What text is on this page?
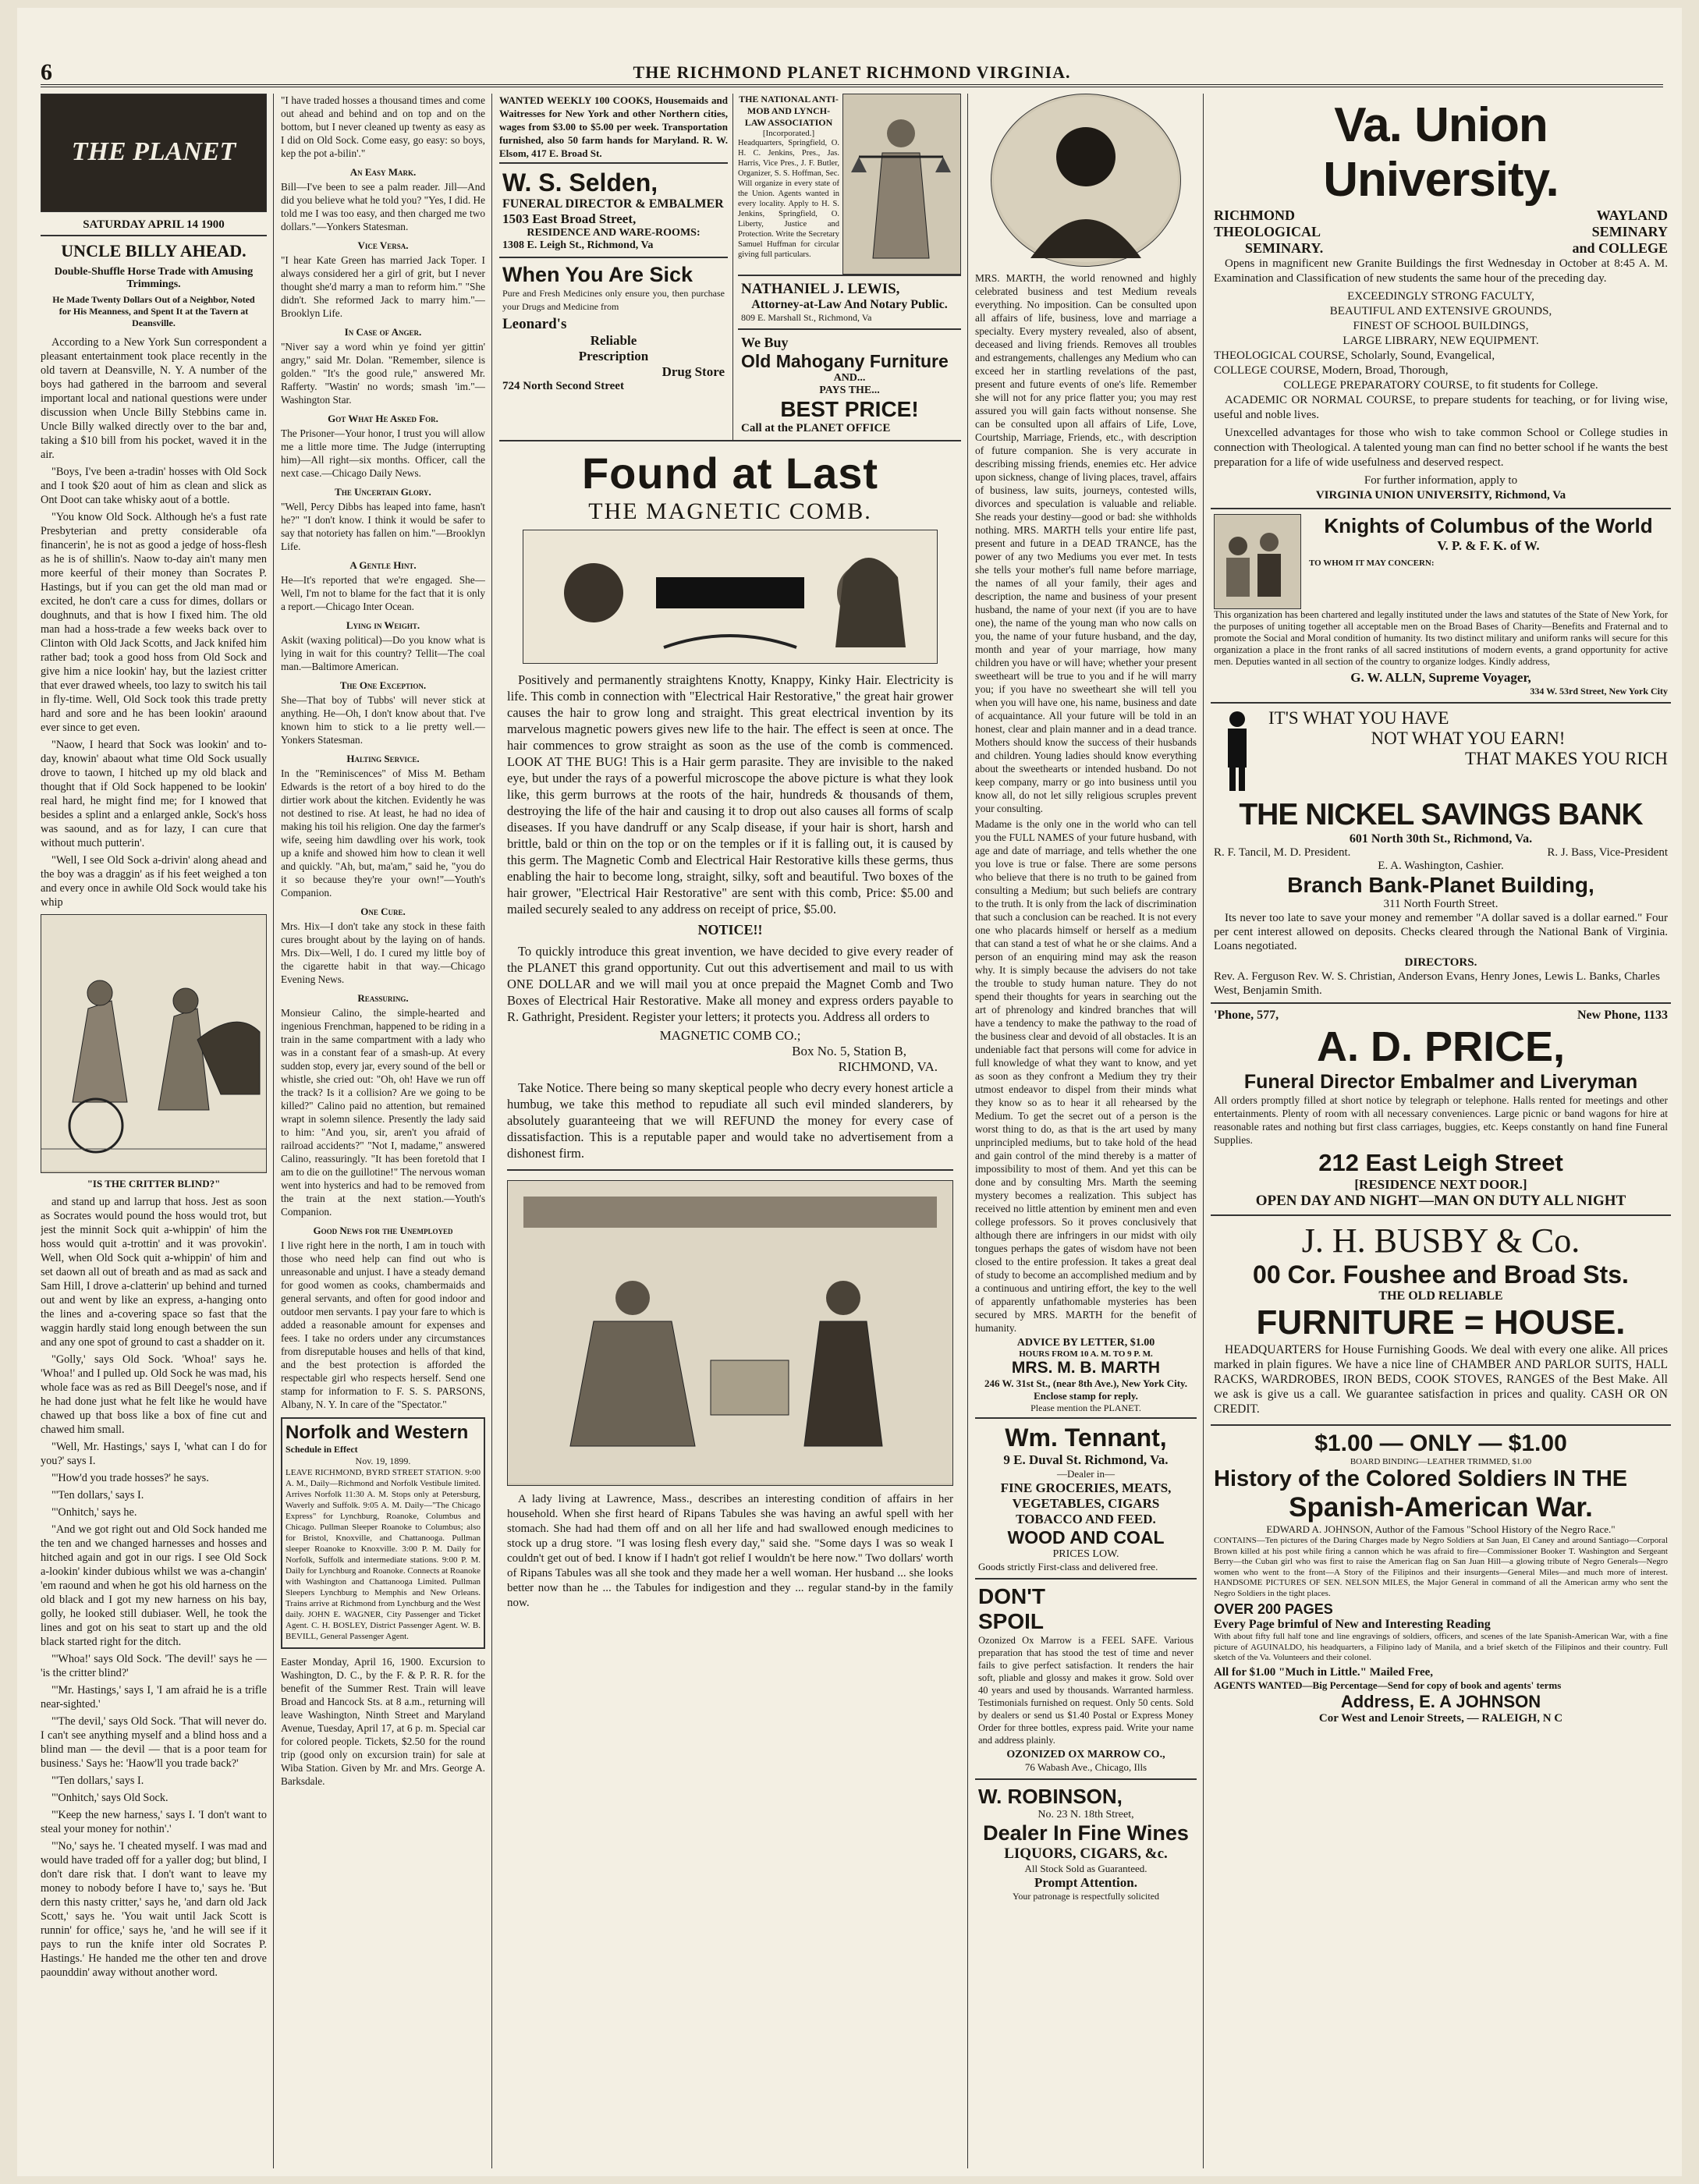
6	THE RICHMOND PLANET RICHMOND VIRGINIA.
THE PLANET
SATURDAY APRIL 14 1900
UNCLE BILLY AHEAD.
Double-Shuffle Horse Trade with Amusing Trimmings.
He Made Twenty Dollars Out of a Neighbor, Noted for His Meanness, and Spent It at the Tavern at Deansville.

According to a New York Sun correspondent a pleasant entertainment took place recently in the old tavern at Deansville, N. Y. A number of the boys had gathered in the barroom and several important local and national questions were under discussion when Uncle Billy Stebbins came in. Uncle Billy walked directly over to the bar and, taking a $10 bill from his pocket, waved it in the air.

"Boys, I've been a-tradin' hosses with Old Sock and I took $20 aout of him as clean and slick as Ont Doot can take whisky aout of a bottle.

"You know Old Sock. Although he's a fust rate Presbyterian and pretty considerable ofa financerin', he is not as good a jedge of hoss-flesh as he is of shillin's. Naow to-day ain't many men more keerful of their money than Socrates P. Hastings, but if you can get the old man mad or excited, he don't care a cuss for dimes, dollars or doughnuts, and that is how I fixed him. The old man had a hoss-trade a few weeks back over to Clinton with Old Jack Scotts, and Jack knifed him rather bad; took a good hoss from Old Sock and give him a nice lookin' hay, but the laziest critter that ever drawed wheels, too lazy to switch his tail in fly-time. Well, Old Sock took this trade pretty hard and sore and he has been lookin' araound ever since to get even.

"Naow, I heard that Sock was lookin' and to-day, knowin' abaout what time Old Sock usually drove to taown, I hitched up my old black and thought that if Old Sock happened to be lookin' real hard, he might find me; for I knowed that besides a splint and a enlarged ankle, Sock's hoss was saound, and as for lazy, I can cure that without much putterin'.

"Well, I see Old Sock a-drivin' along ahead and the boy was a draggin' as if his feet weighed a ton and every once in awhile Old Sock would take his whip

"IS THE CRITTER BLIND?"

and stand up and larrup that hoss. Jest as soon as Socrates would pound the hoss would trot, but jest the minnit Sock quit a-whippin' of him the hoss would quit a-trottin' and it was provokin'. Well, when Old Sock quit a-whippin' of him and set daown all out of breath and as mad as sack and Sam Hill, I drove a-clatterin' up behind and turned out and went by like an express, a-hanging onto the lines and a-covering space so fast that the waggin hardly staid long enough between the sun and any one spot of ground to cast a shadder on it.

"Golly,' says Old Sock. 'Whoa!' says he. 'Whoa!' and I pulled up. Old Sock he was mad, his whole face was as red as Bill Deegel's nose, and if he had done just what he felt like he would have chawed up that boss like a box of fine cut and chawed him small.

"Well, Mr. Hastings,' says I, 'what can I do for you?' says I.

"'How'd you trade hosses?' he says.

"'Ten dollars,' says I.

"'Onhitch,' says he.

"And we got right out and Old Sock handed me the ten and we changed harnesses and hosses and hitched again and got in our rigs. I see Old Sock a-lookin' kinder dubious whilst we was a-changin' 'em raound and when he got his old harness on the old black and I got my new harness on his bay, golly, he looked still dubiaser. Well, he took the lines and got on his seat to start up and the old black started right for the ditch.

"'Whoa!' says Old Sock. 'The devil!' says he — 'is the critter blind?'

"'Mr. Hastings,' says I, 'I am afraid he is a trifle near-sighted.'

"'The devil,' says Old Sock. 'That will never do. I can't see anything myself and a blind hoss and a blind man — the devil — that is a poor team for business.' Says he: 'Haow'll you trade back?'

"'Ten dollars,' says I.

"'Onhitch,' says Old Sock.

"'Keep the new harness,' says I. 'I don't want to steal your money for nothin'.'

"'No,' says he. 'I cheated myself. I was mad and would have traded off for a yaller dog; but blind, I don't dare risk that. I don't want to leave my money to nobody before I have to,' says he. 'But dern this nasty critter,' says he, 'and darn old Jack Scott,' says he. 'You wait until Jack Scott is runnin' for office,' says he, 'and he will see if it pays to run the knife inter old Socrates P. Hastings.' He handed me the other ten and drove paounddin' away without another word.

"I have traded hosses a thousand times and come out ahead and behind and on top and on the bottom, but I never cleaned up twenty as easy as I did on Old Sock. Come easy, go easy: so boys, kep the pot a-bilin'."

An Easy Mark.

Bill—I've been to see a palm reader. Jill—And did you believe what he told you? "Yes, I did. He told me I was too easy, and then charged me two dollars."—Yonkers Statesman.

Vice Versa.

"I hear Kate Green has married Jack Toper. I always considered her a girl of grit, but I never thought she'd marry a man to reform him." "She didn't. She reformed Jack to marry him."—Brooklyn Life.

In Case of Anger.

"Niver say a word whin ye foind yer gittin' angry," said Mr. Dolan. "Remember, silence is golden." "It's the good rule," answered Mr. Rafferty. "Wastin' no words; smash 'im."—Washington Star.

Got What He Asked For.

The Prisoner—Your honor, I trust you will allow me a little more time. The Judge (interrupting him)—All right—six months. Officer, call the next case.—Chicago Daily News.

The Uncertain Glory.

"Well, Percy Dibbs has leaped into fame, hasn't he?" "I don't know. I think it would be safer to say that notoriety has fallen on him."—Brooklyn Life.

A Gentle Hint.

He—It's reported that we're engaged. She—Well, I'm not to blame for the fact that it is only a report.—Chicago Inter Ocean.

Lying in Weight.

Askit (waxing political)—Do you know what is lying in wait for this country? Tellit—The coal man.—Baltimore American.

The One Exception.

She—That boy of Tubbs' will never stick at anything. He—Oh, I don't know about that. I've known him to stick to a lie pretty well.—Yonkers Statesman.

Halting Service.

In the "Reminiscences" of Miss M. Betham Edwards is the retort of a boy hired to do the dirtier work about the kitchen. Evidently he was not destined to rise. At least, he had no idea of making his toil his religion. One day the farmer's wife, seeing him dawdling over his work, took up a knife and showed him how to clean it well and quickly. "Ah, but, ma'am," said he, "you do it so because they're your own!"—Youth's Companion.

One Cure.

Mrs. Hix—I don't take any stock in these faith cures brought about by the laying on of hands. Mrs. Dix—Well, I do. I cured my little boy of the cigarette habit in that way.—Chicago Evening News.

Reassuring.

Monsieur Calino, the simple-hearted and ingenious Frenchman, happened to be riding in a train in the same compartment with a lady who was in a constant fear of a smash-up. At every sudden stop, every jar, every sound of the bell or whistle, she cried out: "Oh, oh! Have we run off the track? Is it a collision? Are we going to be killed?" Calino paid no attention, but remained wrapt in solemn silence. Presently the lady said to him: "And you, sir, aren't you afraid of railroad accidents?" "Not I, madame," answered Calino, reassuringly. "It has been foretold that I am to die on the guillotine!" The nervous woman went into hysterics and had to be removed from the train at the next station.—Youth's Companion.

Good News for the Unemployed

I live right here in the north, I am in touch with those who need help can find out who is unreasonable and unjust. I have a steady demand for good women as cooks, chambermaids and general servants, and often for good indoor and outdoor men servants. I pay your fare to which is added a reasonable amount for expenses and fees. I take no orders under any circumstances from disreputable houses and hells of that kind, and the best protection is afforded the respectable girl who respects herself. Send one stamp for information to F. S. S. PARSONS, Albany, N. Y. In care of the "Spectator."

Norfolk and Western
Schedule in Effect
Nov. 19, 1899.

LEAVE RICHMOND, BYRD STREET STATION. 9:00 A. M., Daily—Richmond and Norfolk Vestibule limited. Arrives Norfolk 11:30 A. M. Stops only at Petersburg, Waverly and Suffolk. 9:05 A. M. Daily—"The Chicago Express" for Lynchburg, Roanoke, Columbus and Chicago. Pullman Sleeper Roanoke to Columbus; also for Bristol, Knoxville, and Chattanooga. Pullman sleeper Roanoke to Knoxville. 3:00 P. M. Daily for Norfolk, Suffolk and intermediate stations. 9:00 P. M. Daily for Lynchburg and Roanoke. Connects at Roanoke with Washington and Chattanooga Limited. Pullman Sleepers Lynchburg to Memphis and New Orleans. Trains arrive at Richmond from Lynchburg and the West daily. JOHN E. WAGNER, City Passenger and Ticket Agent. C. H. BOSLEY, District Passenger Agent. W. B. BEVILL, General Passenger Agent.

Easter Monday, April 16, 1900. Excursion to Washington, D. C., by the F. & P. R. R. for the benefit of the Summer Rest. Train will leave Broad and Hancock Sts. at 8 a.m., returning will leave Washington, Ninth Street and Maryland Avenue, Tuesday, April 17, at 6 p. m. Special car for colored people. Tickets, $2.50 for the round trip (good only on excursion train) for sale at Wiba Station. Given by Mr. and Mrs. George A. Barksdale.

WANTED WEEKLY 100 COOKS, Housemaids and Waitresses for New York and other Northern cities, wages from $3.00 to $5.00 per week. Transportation furnished, also 50 farm hands for Maryland. R. W. Elsom, 417 E. Broad St.

W. S. Selden,
FUNERAL DIRECTOR & EMBALMER
1503 East Broad Street,
RESIDENCE AND WARE-ROOMS:
1308 E. Leigh St., Richmond, Va
When You Are Sick

Pure and Fresh Medicines only ensure you, then purchase your Drugs and Medicine from

Leonard's
Reliable
Prescription
Drug Store
724 North Second Street
THE NATIONAL ANTI-MOB AND LYNCH-LAW ASSOCIATION
[Incorporated.]

Headquarters, Springfield, O. H. C. Jenkins, Pres., Jas. Harris, Vice Pres., J. F. Butler, Organizer, S. S. Hoffman, Sec. Will organize in every state of the Union. Agents wanted in every locality. Apply to H. S. Jenkins, Springfield, O. Liberty, Justice and Protection. Write the Secretary Samuel Huffman for circular giving full particulars.

NATHANIEL J. LEWIS,
Attorney-at-Law And Notary Public.
809 E. Marshall St., Richmond, Va
We Buy
Old Mahogany Furniture
AND...
PAYS THE...
BEST PRICE!
Call at the PLANET OFFICE
Found at Last
THE MAGNETIC COMB.

Positively and permanently straightens Knotty, Knappy, Kinky Hair. Electricity is life. This comb in connection with "Electrical Hair Restorative," the great hair grower causes the hair to grow long and straight. This great electrical invention by its marvelous magnetic powers gives new life to the hair. The effect is seen at once. The hair commences to grow straight as soon as the use of the comb is commenced. LOOK AT THE BUG! This is a Hair germ parasite. They are invisible to the naked eye, but under the rays of a powerful microscope the above picture is what they look like, this germ burrows at the roots of the hair, hundreds & thousands of them, destroying the life of the hair and causing it to drop out also causes all forms of scalp diseases. If you have dandruff or any Scalp disease, if your hair is short, harsh and brittle, bald or thin on the top or on the temples or if it is falling out, it is caused by this germ. The Magnetic Comb and Electrical Hair Restorative kills these germs, thus enabling the hair to become long, straight, silky, soft and beautiful. Two boxes of the hair grower, "Electrical Hair Restorative" are sent with this comb, Price: $5.00 and mailed securely sealed to any address on receipt of price, $5.00.

NOTICE!!

To quickly introduce this great invention, we have decided to give every reader of the PLANET this grand opportunity. Cut out this advertisement and mail to us with ONE DOLLAR and we will mail you at once prepaid the Magnet Comb and Two Boxes of Electrical Hair Restorative. Make all money and express orders payable to R. Gathright, President. Register your letters; it protects you. Address all orders to

MAGNETIC COMB CO.;
Box No. 5, Station B,
RICHMOND, VA.

Take Notice. There being so many skeptical people who decry every honest article a humbug, we take this method to repudiate all such evil minded slanderers, by absolutely guaranteeing that we will REFUND the money for every case of dissatisfaction. This is a reputable paper and would take no advertisement from a dishonest firm.

A lady living at Lawrence, Mass., describes an interesting condition of affairs in her household. When she first heard of Ripans Tabules she was having an awful spell with her stomach. She had had them off and on all her life and had swallowed enough medicines to stock up a drug store. "I was losing flesh every day," said she. "Some days I was so weak I couldn't get out of bed. I know if I hadn't got relief I wouldn't be here now." Two dollars' worth of Ripans Tabules was all she took and they made her a well woman. Her husband ... she looks better now than he ... the Tabules for indigestion and they ... regular stand-by in the family now.

MRS. MARTH, the world renowned and highly celebrated business and test Medium reveals everything. No imposition. Can be consulted upon all affairs of life, business, love and marriage a specialty. Every mystery revealed, also of absent, deceased and living friends. Removes all troubles and estrangements, challenges any Medium who can exceed her in startling revelations of the past, present and future events of one's life. Remember she will not for any price flatter you; you may rest assured you will gain facts without nonsense. She can be consulted upon all affairs of Life, Love, Courtship, Marriage, Friends, etc., with description of future companion. She is very accurate in describing missing friends, enemies etc. Her advice upon sickness, change of living places, travel, affairs of business, law suits, journeys, contested wills, divorces and speculation is valuable and reliable. She reads your destiny—good or bad: she withholds nothing. MRS. MARTH tells your entire life past, present and future in a DEAD TRANCE, has the power of any two Mediums you ever met. In tests she tells your mother's full name before marriage, the names of all your family, their ages and description, the name and business of your present husband, the name of your next (if you are to have one), the name of the young man who now calls on you, the name of your future husband, and the day, month and year of your marriage, how many children you have or will have; whether your present sweetheart will be true to you and if he will marry you; if you have no sweetheart she will tell you when you will have one, his name, business and date of acquaintance. All your future will be told in an honest, clear and plain manner and in a dead trance. Mothers should know the success of their husbands and children. Young ladies should know everything about the sweethearts or intended husband. Do not keep company, marry or go into business until you know all, do not let silly religious scruples prevent your consulting.

Madame is the only one in the world who can tell you the FULL NAMES of your future husband, with age and date of marriage, and tells whether the one you love is true or false. There are some persons who believe that there is no truth to be gained from consulting a Medium; but such beliefs are contrary to the truth. It is only from the lack of discrimination that such a conclusion can be reached. It is not every one who placards himself or herself as a medium that can stand a test of what he or she claims. And a person of an enquiring mind may ask the reason why. It is simply because the advisers do not take the trouble to study human nature. They do not spend their thoughts for years in searching out the art of phrenology and kindred branches that will have a tendency to make the pathway to the road of the business clear and devoid of all obstacles. It is an undeniable fact that persons will come for advice in full knowledge of what they want to know, and yet as soon as they confront a Medium they try their utmost endeavor to dispel from their minds what they know so as to hear it all rehearsed by the Medium. To get the secret out of a person is the worst thing to do, as that is the art used by many unprincipled mediums, but to take hold of the head and gain control of the mind thereby is a matter of impossibility to most of them. And yet this can be done and by consulting Mrs. Marth the seeming mystery becomes a realization. This subject has received no little attention by eminent men and even college professors. So it proves conclusively that although there are infringers in our midst with oily tongues perhaps the gates of wisdom have not been closed to the entire profession. It takes a great deal of study to become an accomplished medium and by a continuous and untiring effort, the key to the well of apparently unfathomable mysteries has been secured by MRS. MARTH for the benefit of humanity.

ADVICE BY LETTER, $1.00
HOURS FROM 10 A. M. TO 9 P. M.
MRS. M. B. MARTH
246 W. 31st St., (near 8th Ave.), New York City.
Enclose stamp for reply.
Please mention the PLANET.
Wm. Tennant,
9 E. Duval St. Richmond, Va.
—Dealer in—
FINE GROCERIES, MEATS, VEGETABLES, CIGARS TOBACCO AND FEED.
WOOD AND COAL
PRICES LOW.
Goods strictly First-class and delivered free.
DON'T
SPOIL

Ozonized Ox Marrow is a FEEL SAFE. Various preparation that has stood the test of time and never fails to give perfect satisfaction. It renders the hair soft, pliable and glossy and makes it grow. Sold over 40 years and used by thousands. Warranted harmless. Testimonials furnished on request. Only 50 cents. Sold by dealers or send us $1.40 Postal or Express Money Order for three bottles, express paid. Write your name and address plainly.

OZONIZED OX MARROW CO.,
76 Wabash Ave., Chicago, Ills
W. ROBINSON,
No. 23 N. 18th Street,
Dealer In Fine Wines
LIQUORS, CIGARS, &c.
All Stock Sold as Guaranteed.
Prompt Attention.
Your patronage is respectfully solicited
Va. Union University.
RICHMOND
THEOLOGICAL
SEMINARY.
WAYLAND
SEMINARY
and COLLEGE

Opens in magnificent new Granite Buildings the first Wednesday in October at 8:45 A. M. Examination and Classification of new students the same hour of the preceding day.

EXCEEDINGLY STRONG FACULTY,
BEAUTIFUL AND EXTENSIVE GROUNDS,
FINEST OF SCHOOL BUILDINGS,
LARGE LIBRARY, NEW EQUIPMENT.
THEOLOGICAL COURSE, Scholarly, Sound, Evangelical,
COLLEGE COURSE, Modern, Broad, Thorough,
COLLEGE PREPARATORY COURSE, to fit students for College.

ACADEMIC OR NORMAL COURSE, to prepare students for teaching, or for living wise, useful and noble lives.

Unexcelled advantages for those who wish to take common School or College studies in connection with Theological. A talented young man can find no better school if he wants the best preparation for a life of wide usefulness and deserved respect.

For further information, apply to
VIRGINIA UNION UNIVERSITY, Richmond, Va
Knights of Columbus of the World
V. P. & F. K. of W.
TO WHOM IT MAY CONCERN:

This organization has been chartered and legally instituted under the laws and statutes of the State of New York, for the purposes of uniting together all acceptable men on the Broad Bases of Charity—Benefits and Fraternal and to promote the Social and Moral condition of humanity. Its two distinct military and uniform ranks will secure for this organization a place in the front ranks of all sacred institutions of modern events, a grand opportunity for active men. Deputies wanted in all section of the country to organize lodges. Kindly address,

G. W. ALLN, Supreme Voyager,
334 W. 53rd Street, New York City
IT'S WHAT YOU HAVE
NOT WHAT YOU EARN!
THAT MAKES YOU RICH
THE NICKEL SAVINGS BANK
601 North 30th St., Richmond, Va.
R. F. Tancil, M. D. President.	R. J. Bass, Vice-President
E. A. Washington, Cashier.
Branch Bank-Planet Building,
311 North Fourth Street.

Its never too late to save your money and remember "A dollar saved is a dollar earned." Four per cent interest allowed on deposits. Checks cleared through the National Bank of Virginia. Loans negotiated.

DIRECTORS.
Rev. A. Ferguson Rev. W. S. Christian, Anderson Evans, Henry Jones, Lewis L. Banks, Charles West, Benjamin Smith.
'Phone, 577,	New Phone, 1133
A. D. PRICE,
Funeral Director Embalmer and Liveryman

All orders promptly filled at short notice by telegraph or telephone. Halls rented for meetings and other entertainments. Plenty of room with all necessary conveniences. Large picnic or band wagons for hire at reasonable rates and nothing but first class carriages, buggies, etc. Keeps constantly on hand fine Funeral Supplies.

212 East Leigh Street
[RESIDENCE NEXT DOOR.]
OPEN DAY AND NIGHT—MAN ON DUTY ALL NIGHT
J. H. BUSBY & Co.
00 Cor. Foushee and Broad Sts.
THE OLD RELIABLE
FURNITURE = HOUSE.

HEADQUARTERS for House Furnishing Goods. We deal with every one alike. All prices marked in plain figures. We have a nice line of CHAMBER AND PARLOR SUITS, HALL RACKS, WARDROBES, IRON BEDS, COOK STOVES, RANGES of the Best Make. All we ask is give us a call. We guarantee satisfaction in prices and quality. CASH OR ON CREDIT.

$1.00 — ONLY — $1.00
BOARD BINDING—LEATHER TRIMMED, $1.00
History of the Colored Soldiers IN THE
Spanish-American War.
EDWARD A. JOHNSON, Author of the Famous "School History of the Negro Race."

CONTAINS—Ten pictures of the Daring Charges made by Negro Soldiers at San Juan, El Caney and around Santiago—Corporal Brown killed at his post while firing a cannon which he was afraid to fire—Commissioner Booker T. Washington and Sergeant Berry—the Cuban girl who was first to raise the American flag on San Juan Hill—a glowing tribute of Negro Generals—Negro women who went to the front—A Story of the Filipinos and their insurgents—General Miles—and much more of interest. HANDSOME PICTURES OF SEN. NELSON MILES, the Major General in command of all the American army who sent the Negro Soldiers in the tight places.

OVER 200 PAGES
Every Page brimful of New and Interesting Reading

With about fifty full half tone and line engravings of soldiers, officers, and scenes of the late Spanish-American War, with a fine picture of AGUINALDO, his headquarters, a Filipino lady of Manila, and a brief sketch of the Filipinos and their country. Full sketch of the Va. Volunteers and their colonel.

All for $1.00 "Much in Little." Mailed Free,
AGENTS WANTED—Big Percentage—Send for copy of book and agents' terms
Address, E. A JOHNSON
Cor West and Lenoir Streets, — RALEIGH, N C
